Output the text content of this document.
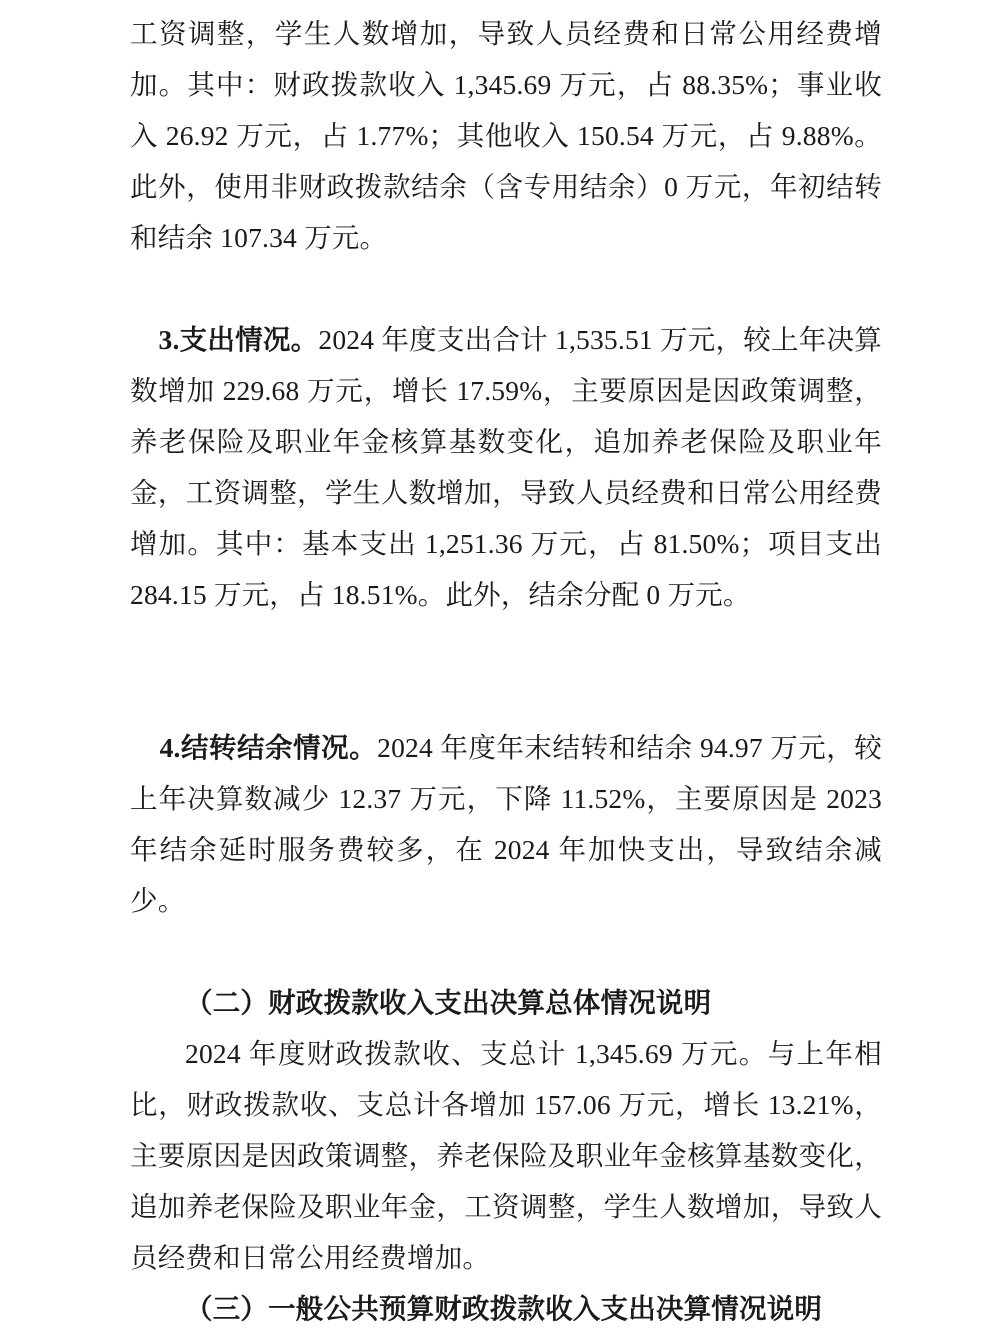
工资调整，学生人数增加，导致人员经费和日常公用经费增加。其中：财政拨款收入 1,345.69 万元，占 88.35%；事业收入 26.92 万元，占 1.77%；其他收入 150.54 万元，占 9.88%。此外，使用非财政拨款结余（含专用结余）0 万元，年初结转和结余 107.34 万元。

3.支出情况。2024 年度支出合计 1,535.51 万元，较上年决算数增加 229.68 万元，增长 17.59%，主要原因是因政策调整，养老保险及职业年金核算基数变化，追加养老保险及职业年金，工资调整，学生人数增加，导致人员经费和日常公用经费增加。其中：基本支出 1,251.36 万元，占 81.50%；项目支出 284.15 万元，占 18.51%。此外，结余分配 0 万元。

4.结转结余情况。2024 年度年末结转和结余 94.97 万元，较上年决算数减少 12.37 万元，下降 11.52%，主要原因是 2023 年结余延时服务费较多，在 2024 年加快支出，导致结余减少。

（二）财政拨款收入支出决算总体情况说明

2024 年度财政拨款收、支总计 1,345.69 万元。与上年相比，财政拨款收、支总计各增加 157.06 万元，增长 13.21%，主要原因是因政策调整，养老保险及职业年金核算基数变化，追加养老保险及职业年金，工资调整，学生人数增加，导致人员经费和日常公用经费增加。

（三）一般公共预算财政拨款收入支出决算情况说明
